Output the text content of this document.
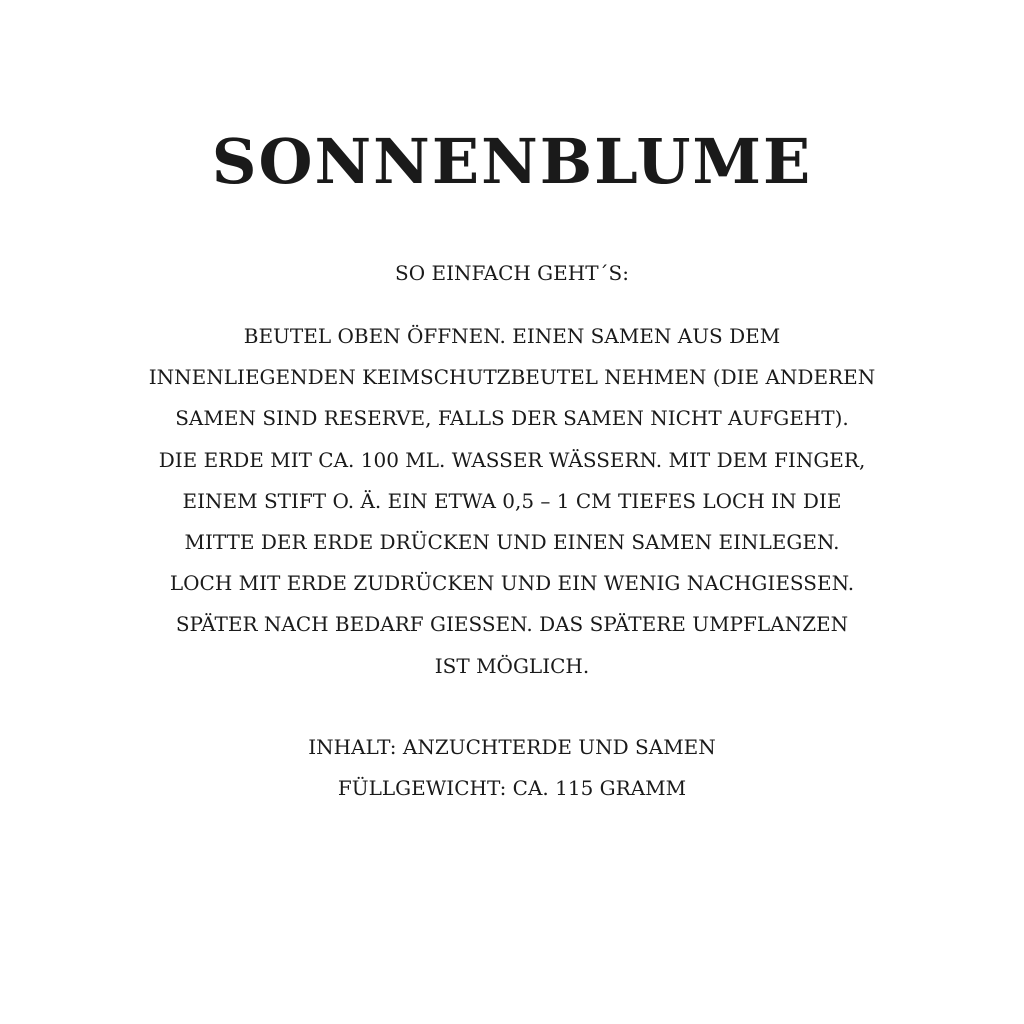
SONNENBLUME
SO EINFACH GEHT´S:
BEUTEL OBEN ÖFFNEN. EINEN SAMEN AUS DEM
INNENLIEGENDEN KEIMSCHUTZBEUTEL NEHMEN (DIE ANDEREN
SAMEN SIND RESERVE, FALLS DER SAMEN NICHT AUFGEHT).
DIE ERDE MIT CA. 100 ML. WASSER WÄSSERN. MIT DEM FINGER,
EINEM STIFT O. Ä. EIN ETWA 0,5 – 1 CM TIEFES LOCH IN DIE
MITTE DER ERDE DRÜCKEN UND EINEN SAMEN EINLEGEN.
LOCH MIT ERDE ZUDRÜCKEN UND EIN WENIG NACHGIESSEN.
SPÄTER NACH BEDARF GIESSEN. DAS SPÄTERE UMPFLANZEN
IST MÖGLICH.
INHALT: ANZUCHTERDE UND SAMEN
FÜLLGEWICHT: CA. 115 GRAMM
